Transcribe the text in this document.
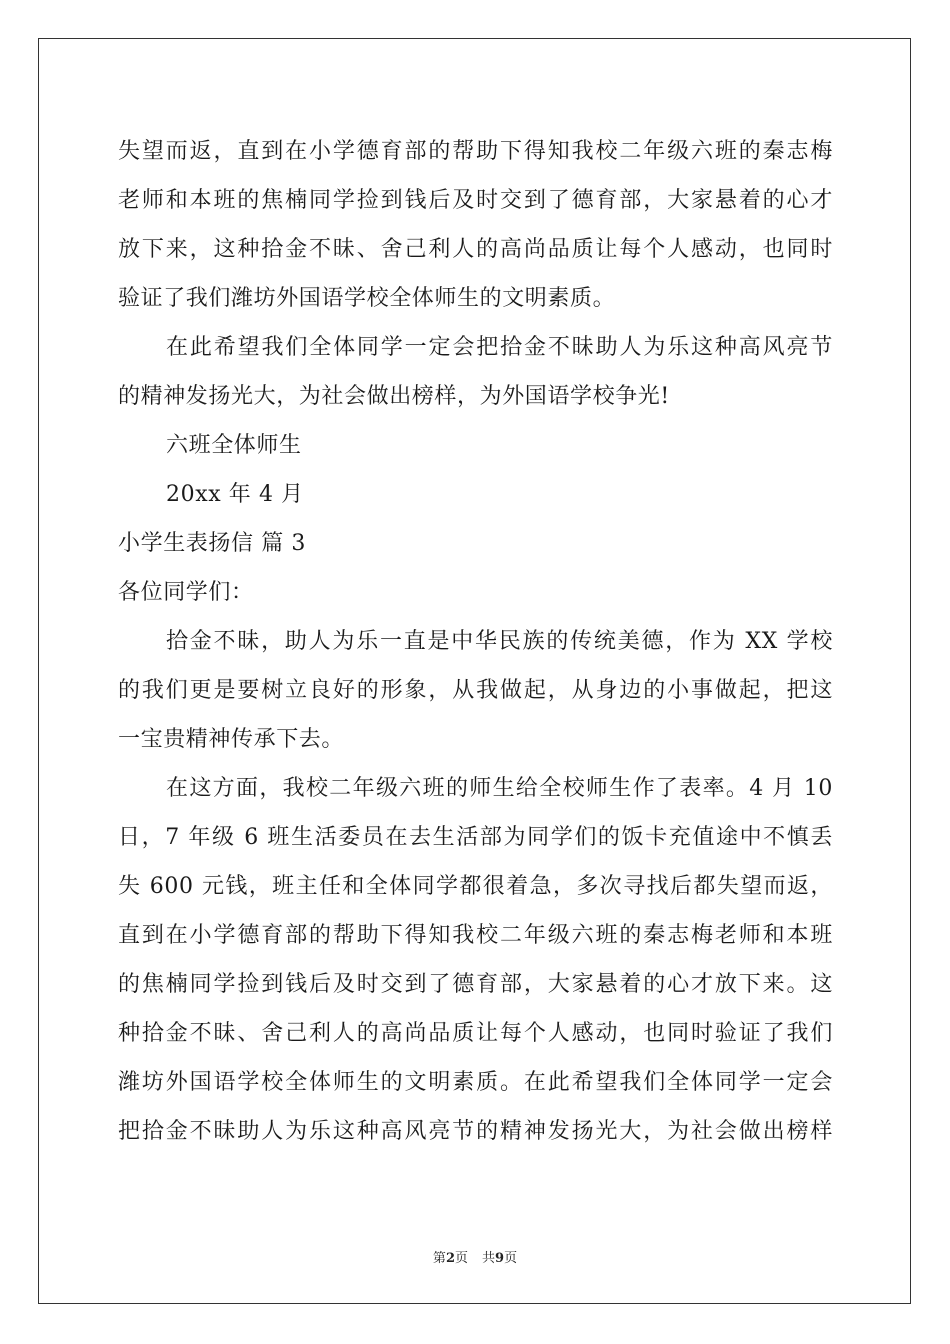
失望而返，直到在小学德育部的帮助下得知我校二年级六班的秦志梅
老师和本班的焦楠同学捡到钱后及时交到了德育部，大家悬着的心才
放下来，这种拾金不昧、舍己利人的高尚品质让每个人感动，也同时
验证了我们潍坊外国语学校全体师生的文明素质。
在此希望我们全体同学一定会把拾金不昧助人为乐这种高风亮节
的精神发扬光大，为社会做出榜样，为外国语学校争光!
六班全体师生
20xx 年 4 月
小学生表扬信 篇 3
各位同学们：
拾金不昧，助人为乐一直是中华民族的传统美德，作为 XX 学校
的我们更是要树立良好的形象，从我做起，从身边的小事做起，把这
一宝贵精神传承下去。
在这方面，我校二年级六班的师生给全校师生作了表率。4 月 10
日，7 年级 6 班生活委员在去生活部为同学们的饭卡充值途中不慎丢
失 600 元钱，班主任和全体同学都很着急，多次寻找后都失望而返，
直到在小学德育部的帮助下得知我校二年级六班的秦志梅老师和本班
的焦楠同学捡到钱后及时交到了德育部，大家悬着的心才放下来。这
种拾金不昧、舍己利人的高尚品质让每个人感动，也同时验证了我们
潍坊外国语学校全体师生的文明素质。在此希望我们全体同学一定会
把拾金不昧助人为乐这种高风亮节的精神发扬光大，为社会做出榜样
第2页 共9页
